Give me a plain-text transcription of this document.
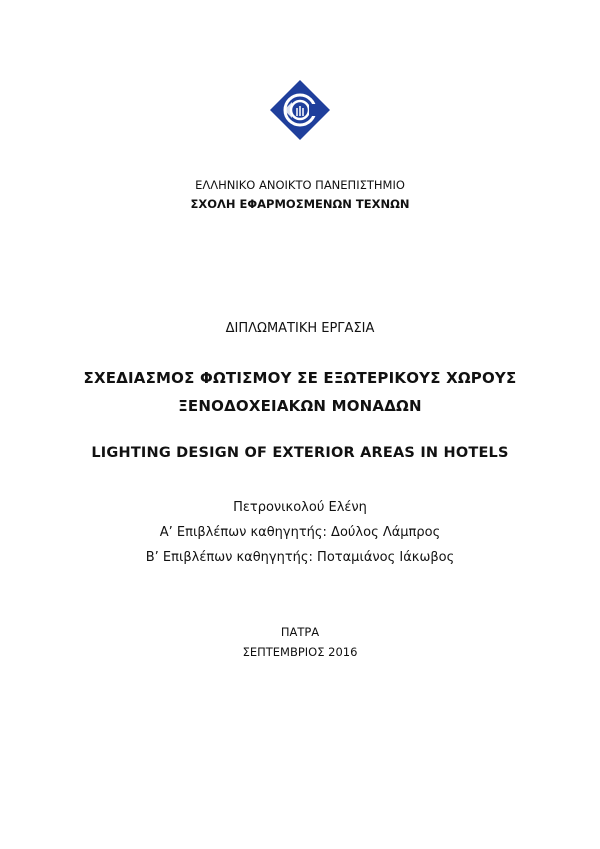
ΕΛΛΗΝΙΚΟ ΑΝΟΙΚΤΟ ΠΑΝΕΠΙΣΤΗΜΙΟ
ΣΧΟΛΗ ΕΦΑΡΜΟΣΜΕΝΩΝ ΤΕΧΝΩΝ
ΔΙΠΛΩΜΑΤΙΚΗ ΕΡΓΑΣΙΑ
ΣΧΕΔΙΑΣΜΟΣ ΦΩΤΙΣΜΟΥ ΣΕ ΕΞΩΤΕΡΙΚΟΥΣ ΧΩΡΟΥΣ
ΞΕΝΟΔΟΧΕΙΑΚΩΝ ΜΟΝΑΔΩΝ
LIGHTING DESIGN OF EXTERIOR AREAS IN HOTELS
Πετρονικολού Ελένη
Α’ Επιβλέπων καθηγητής: Δούλος Λάμπρος
Β’ Επιβλέπων καθηγητής: Ποταμιάνος Ιάκωβος
ΠΑΤΡΑ
ΣΕΠΤΕΜΒΡΙΟΣ 2016
